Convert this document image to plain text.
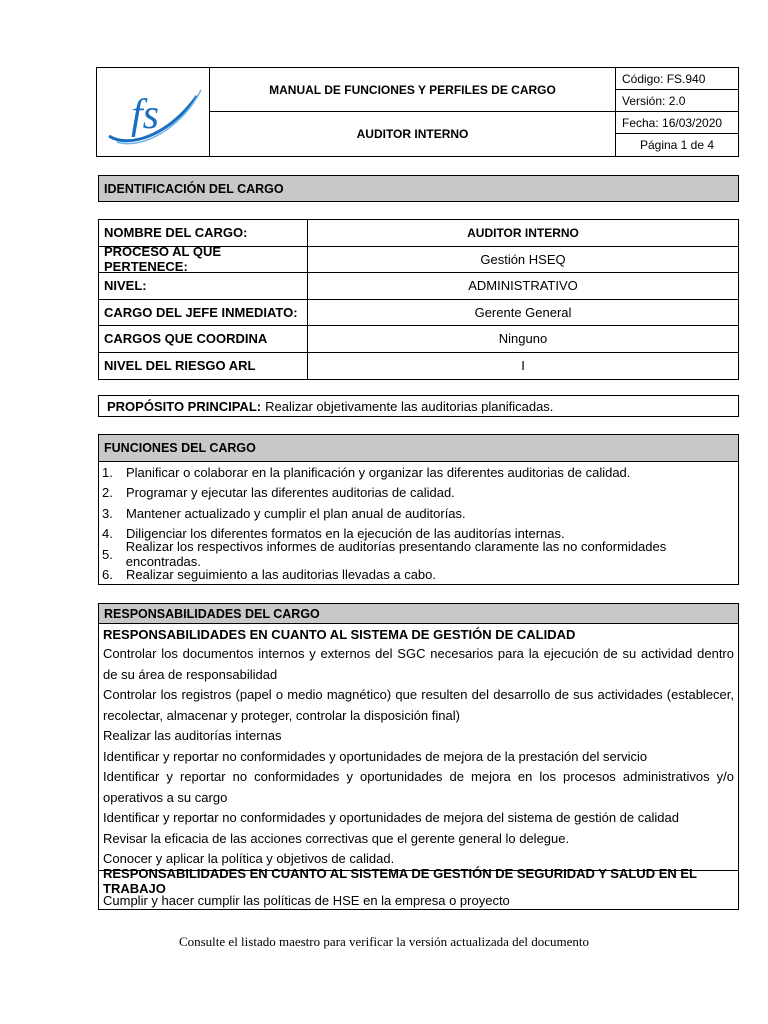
fs
MANUAL DE FUNCIONES Y PERFILES DE CARGO
AUDITOR INTERNO
Código: FS.940
Versión: 2.0
Fecha: 16/03/2020
Página 1 de 4
IDENTIFICACIÓN DEL CARGO
NOMBRE DEL CARGO:	AUDITOR INTERNO
PROCESO AL QUE PERTENECE:	Gestión HSEQ
NIVEL:	ADMINISTRATIVO
CARGO DEL JEFE INMEDIATO:	Gerente General
CARGOS QUE COORDINA	Ninguno
NIVEL DEL RIESGO ARL	I
PROPÓSITO PRINCIPAL: Realizar objetivamente las auditorias planificadas.
FUNCIONES DEL CARGO
1.	Planificar o colaborar en la planificación y organizar las diferentes auditorias de calidad.
2.	Programar y ejecutar las diferentes auditorias de calidad.
3.	Mantener actualizado y cumplir el plan anual de auditorías.
4.	Diligenciar los diferentes formatos en la ejecución de las auditorías internas.
5. Realizar los respectivos informes de auditorías presentando claramente las no conformidades encontradas.
6.	Realizar seguimiento a las auditorias llevadas a cabo.
RESPONSABILIDADES DEL CARGO
RESPONSABILIDADES EN CUANTO AL SISTEMA DE GESTIÓN DE CALIDAD
Controlar los documentos internos y externos del SGC necesarios para la ejecución de su actividad dentro de su área de responsabilidad
Controlar los registros (papel o medio magnético) que resulten del desarrollo de sus actividades (establecer, recolectar, almacenar y proteger, controlar la disposición final)
Realizar las auditorías internas
Identificar y reportar no conformidades y oportunidades de mejora de la prestación del servicio
Identificar y reportar no conformidades y oportunidades de mejora en los procesos administrativos y/o operativos a su cargo
Identificar y reportar no conformidades y oportunidades de mejora del sistema de gestión de calidad
Revisar la eficacia de las acciones correctivas que el gerente general lo delegue.
Conocer y aplicar la política y objetivos de calidad.
RESPONSABILIDADES EN CUANTO AL SISTEMA DE GESTIÓN DE SEGURIDAD Y SALUD EN EL TRABAJO
Cumplir y hacer cumplir las políticas de HSE en la empresa o proyecto
Consulte el listado maestro para verificar la versión actualizada del documento
